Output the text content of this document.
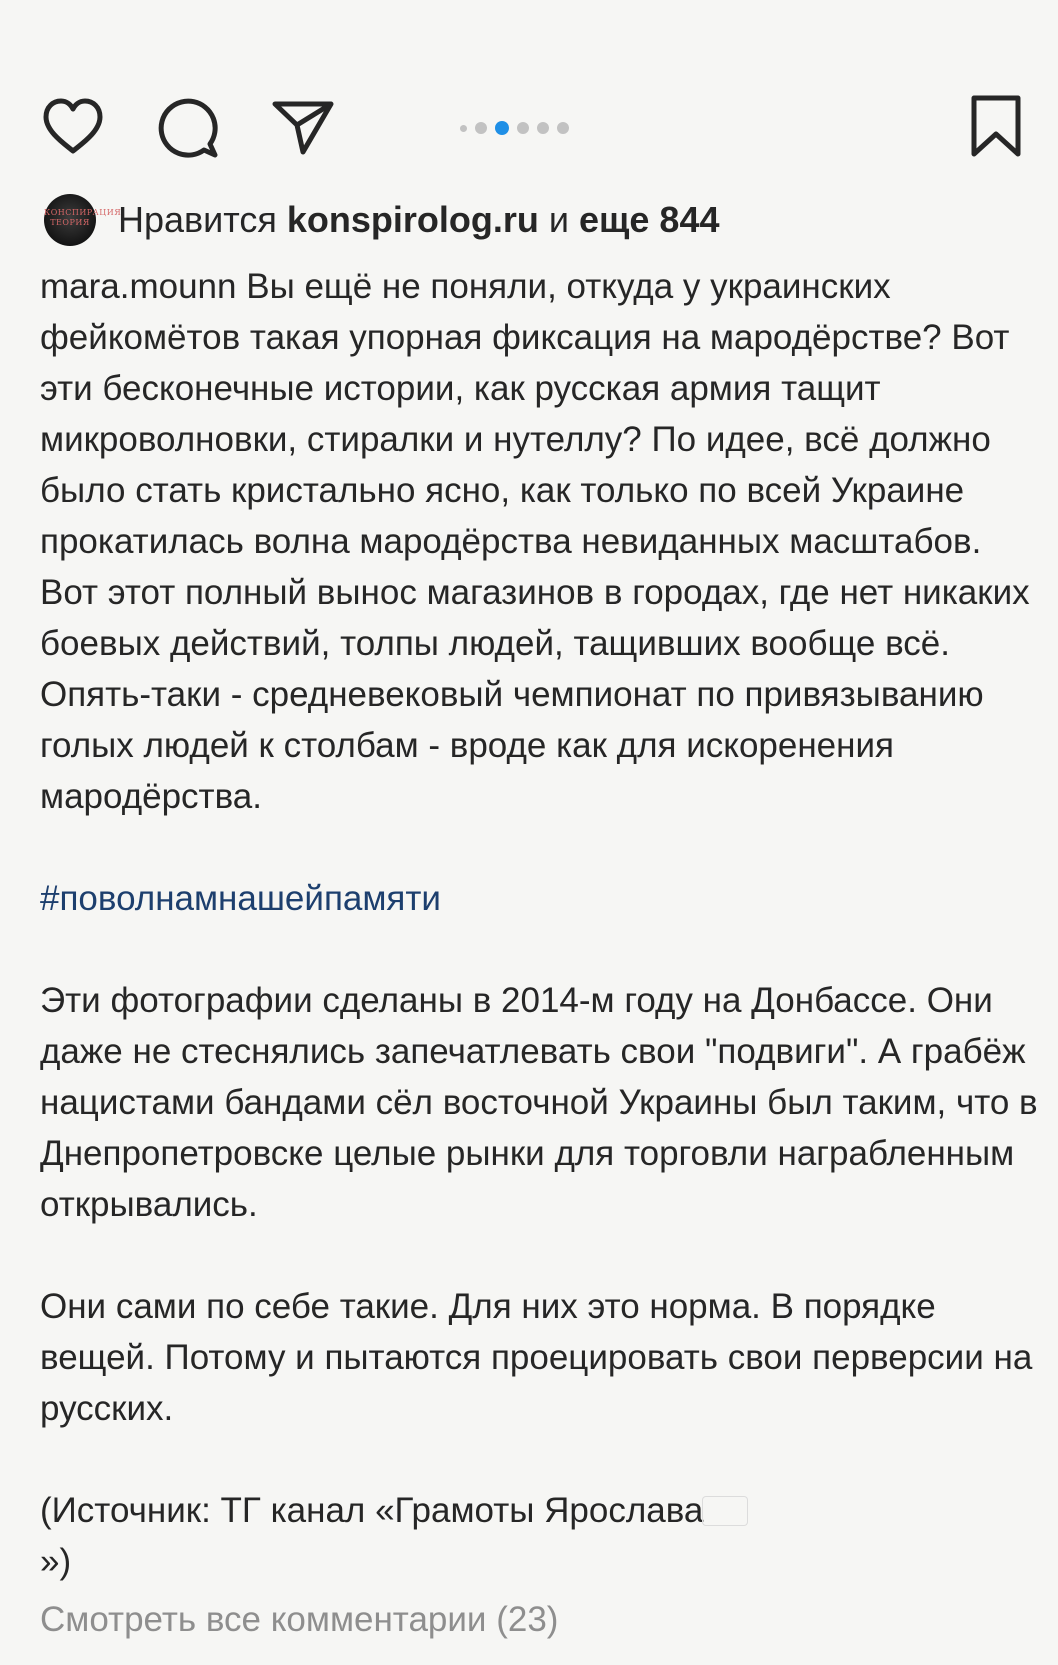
КОНСПИРАЦИЯ ТЕОРИЯ Нравится konspirolog.ru и еще 844

mara.mounn Вы ещё не поняли, откуда у украинских фейкомётов такая упорная фиксация на мародёрстве? Вот эти бесконечные истории, как русская армия тащит микроволновки, стиралки и нутеллу? По идее, всё должно было стать кристально ясно, как только по всей Украине прокатилась волна мародёрства невиданных масштабов. Вот этот полный вынос магазинов в городах, где нет никаких боевых действий, толпы людей, тащивших вообще всё. Опять-таки - средневековый чемпионат по привязыванию голых людей к столбам - вроде как для искоренения мародёрства.

#поволнамнашейпамяти

Эти фотографии сделаны в 2014-м году на Донбассе. Они даже не стеснялись запечатлевать свои "подвиги". А грабёж нацистами бандами сёл восточной Украины был таким, что в Днепропетровске целые рынки для торговли награбленным открывались.

Они сами по себе такие. Для них это норма. В порядке вещей. Потому и пытаются проецировать свои перверсии на русских.

(Источник: ТГ канал «Грамоты Ярослава

»)

Смотреть все комментарии (23)
